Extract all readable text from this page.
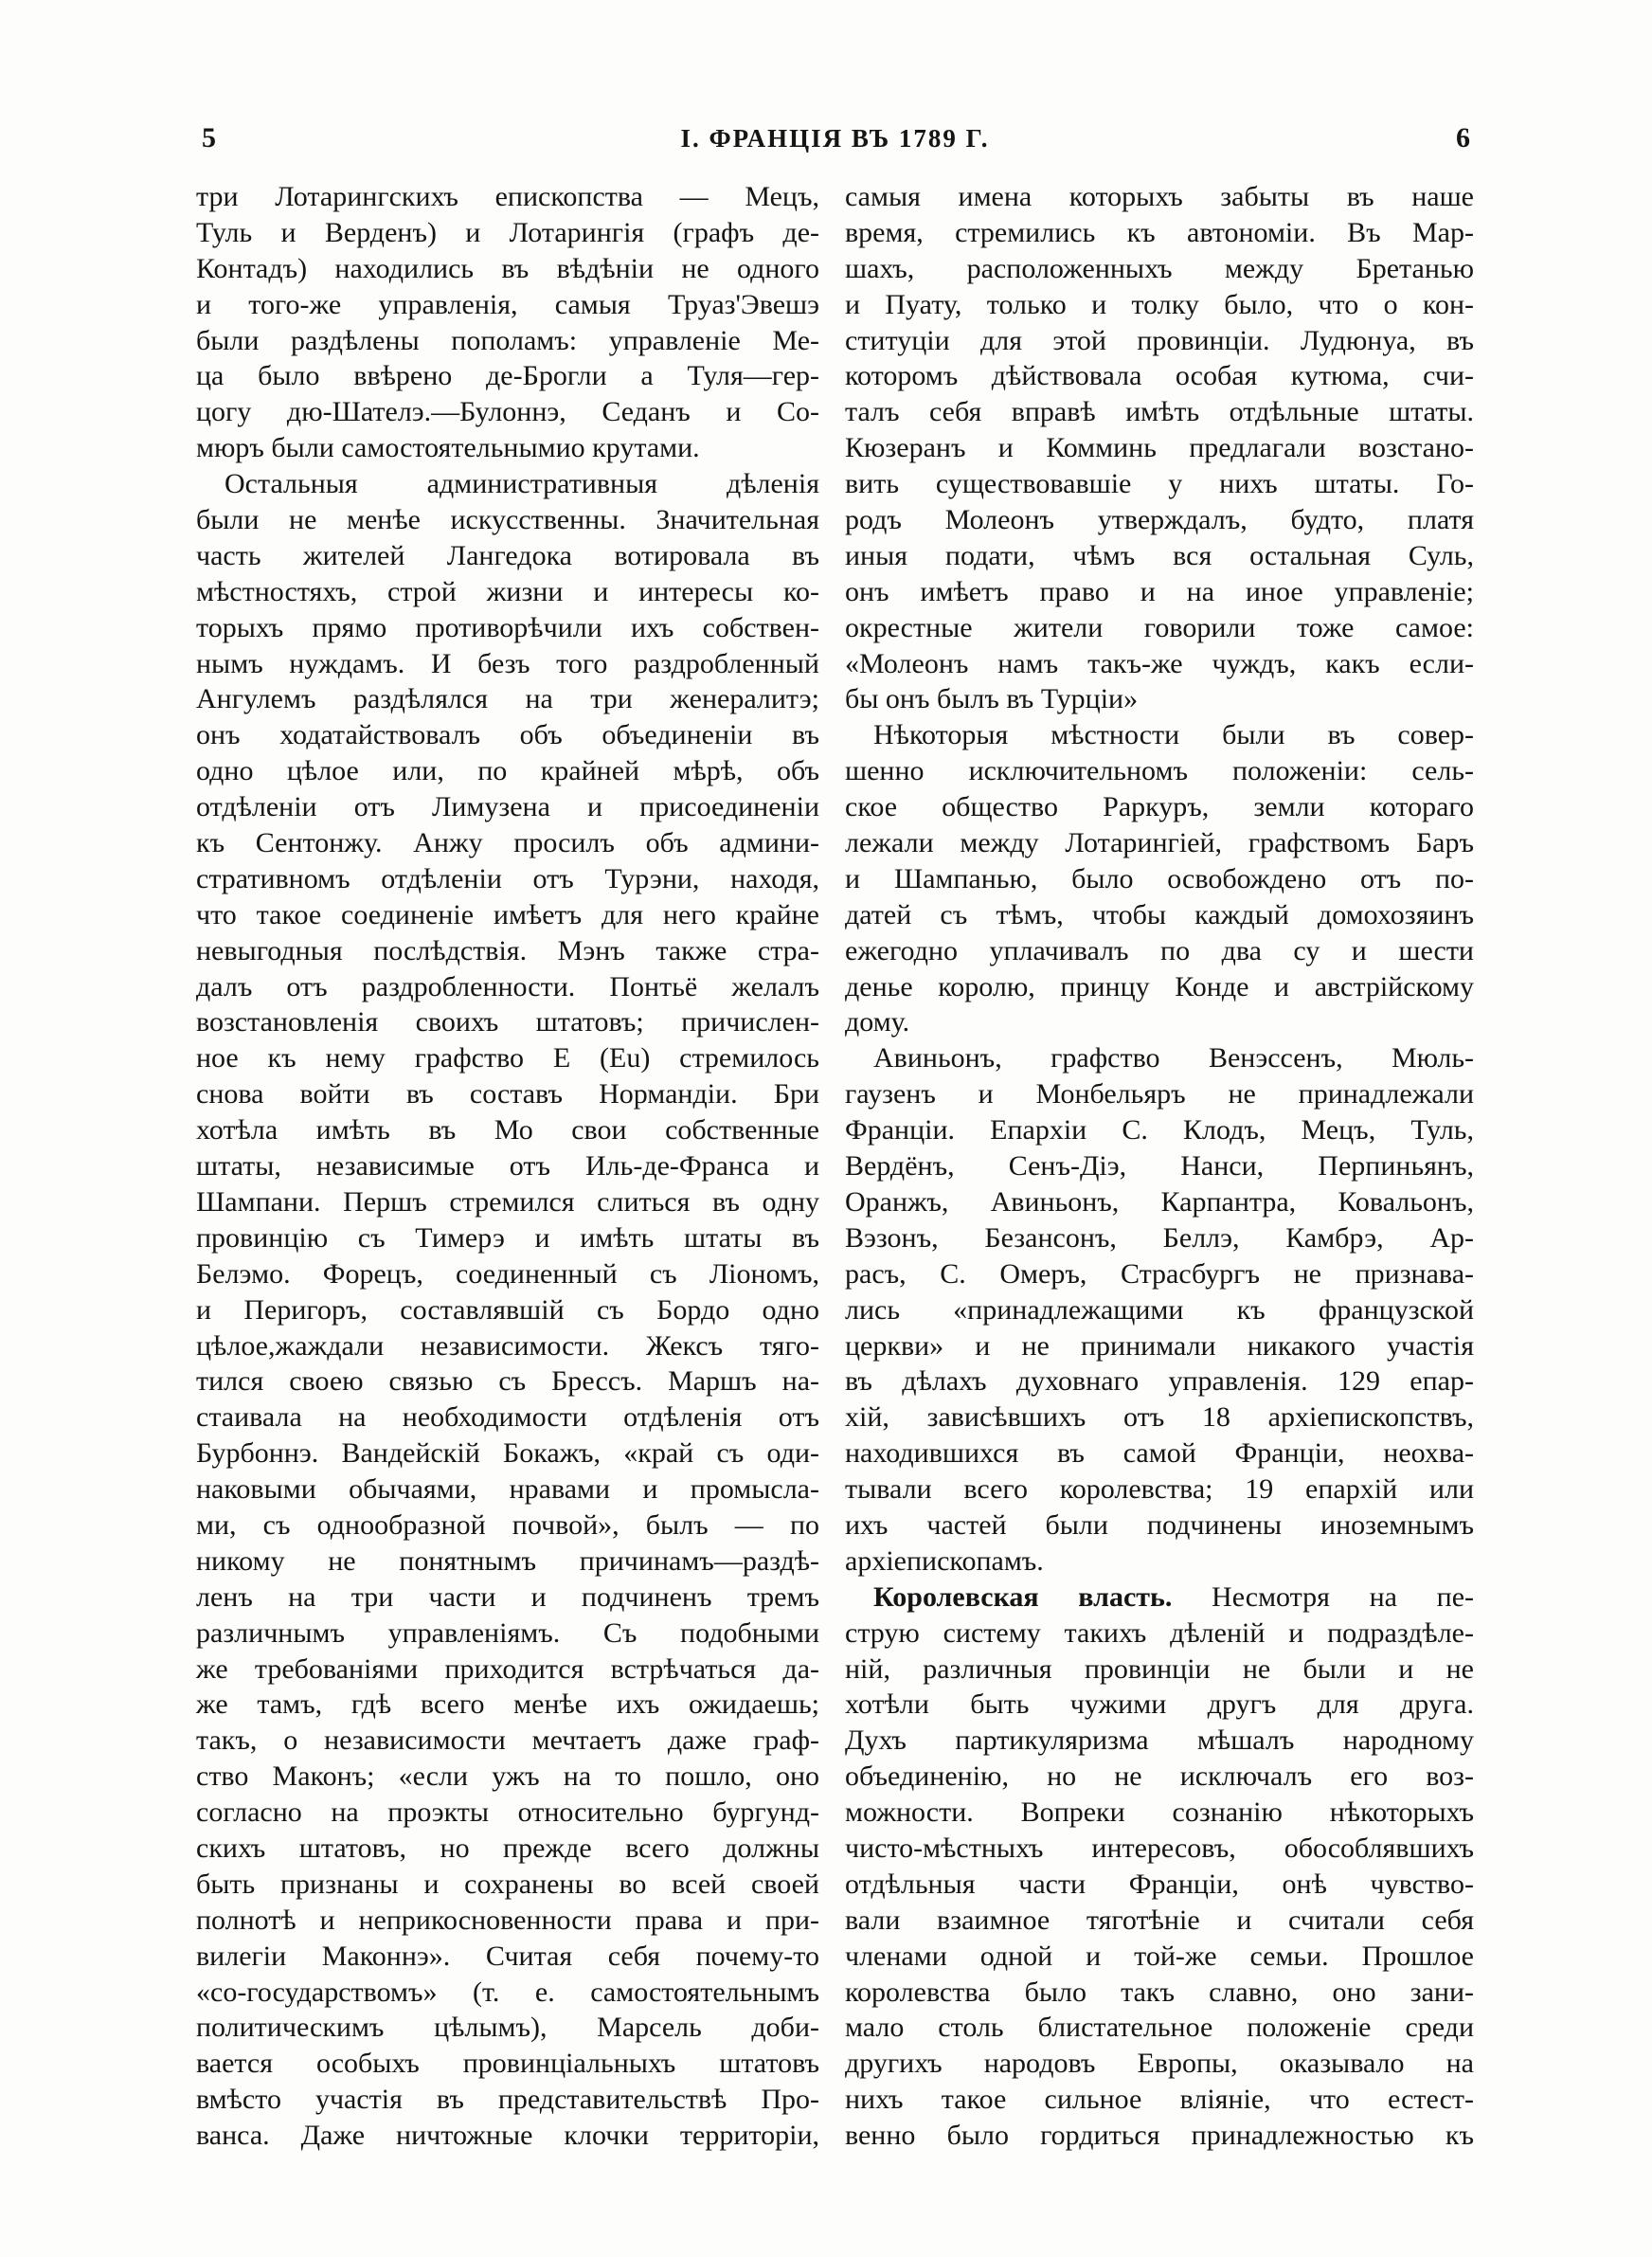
5	I. ФРАНЦІЯ ВЪ 1789 Г.	6
три Лотарингскихъ епископства — Мецъ,
Туль и Верденъ) и Лотарингія (графъ де-
Контадъ) находились въ вѣдѣніи не одного
и того-же управленія, самыя Труаз'Эвешэ
были раздѣлены пополамъ: управленіе Ме-
ца было ввѣрено де-Брогли а Туля—гер-
цогу дю-Шателэ.—Булоннэ, Седанъ и Со-
мюръ были самостоятельнымио крутами.
Остальныя административныя дѣленія
были не менѣе искусственны. Значительная
часть жителей Лангедока вотировала въ
мѣстностяхъ, строй жизни и интересы ко-
торыхъ прямо противорѣчили ихъ собствен-
нымъ нуждамъ. И безъ того раздробленный
Ангулемъ раздѣлялся на три женералитэ;
онъ ходатайствовалъ объ объединеніи въ
одно цѣлое или, по крайней мѣрѣ, объ
отдѣленіи отъ Лимузена и присоединеніи
къ Сентонжу. Анжу просилъ объ админи-
стративномъ отдѣленіи отъ Турэни, находя,
что такое соединеніе имѣетъ для него крайне
невыгодныя послѣдствія. Мэнъ также стра-
далъ отъ раздробленности. Понтьё желалъ
возстановленія своихъ штатовъ; причислен-
ное къ нему графство Е (Eu) стремилось
снова войти въ составъ Нормандіи. Бри
хотѣла имѣть въ Мо свои собственные
штаты, независимые отъ Иль-де-Франса и
Шампани. Першъ стремился слиться въ одну
провинцію съ Тимерэ и имѣть штаты въ
Белэмо. Форецъ, соединенный съ Ліономъ,
и Перигоръ, составлявшій съ Бордо одно
цѣлое,жаждали независимости. Жексъ тяго-
тился своею связью съ Брессъ. Маршъ на-
стаивала на необходимости отдѣленія отъ
Бурбоннэ. Вандейскій Бокажъ, «край съ оди-
наковыми обычаями, нравами и промысла-
ми, съ однообразной почвой», былъ — по
никому не понятнымъ причинамъ—раздѣ-
ленъ на три части и подчиненъ тремъ
различнымъ управленіямъ. Съ подобными
же требованіями приходится встрѣчаться да-
же тамъ, гдѣ всего менѣе ихъ ожидаешь;
такъ, о независимости мечтаетъ даже граф-
ство Маконъ; «если ужъ на то пошло, оно
согласно на проэкты относительно бургунд-
скихъ штатовъ, но прежде всего должны
быть признаны и сохранены во всей своей
полнотѣ и неприкосновенности права и при-
вилегіи Маконнэ». Считая себя почему-то
«со-государствомъ» (т. е. самостоятельнымъ
политическимъ цѣлымъ), Марсель доби-
вается особыхъ провинціальныхъ штатовъ
вмѣсто участія въ представительствѣ Про-
ванса. Даже ничтожные клочки территоріи,
самыя имена которыхъ забыты въ наше
время, стремились къ автономіи. Въ Мар-
шахъ, расположенныхъ между Бретанью
и Пуату, только и толку было, что о кон-
ституціи для этой провинціи. Лудюнуа, въ
которомъ дѣйствовала особая кутюма, счи-
талъ себя вправѣ имѣть отдѣльные штаты.
Кюзеранъ и Комминь предлагали возстано-
вить существовавшіе у нихъ штаты. Го-
родъ Молеонъ утверждалъ, будто, платя
иныя подати, чѣмъ вся остальная Суль,
онъ имѣетъ право и на иное управленіе;
окрестные жители говорили тоже самое:
«Молеонъ намъ такъ-же чуждъ, какъ если-
бы онъ былъ въ Турціи»
Нѣкоторыя мѣстности были въ совер-
шенно исключительномъ положеніи: сель-
ское общество Раркуръ, земли котораго
лежали между Лотарингіей, графствомъ Баръ
и Шампанью, было освобождено отъ по-
датей съ тѣмъ, чтобы каждый домохозяинъ
ежегодно уплачивалъ по два су и шести
денье королю, принцу Конде и австрійскому
дому.
Авиньонъ, графство Венэссенъ, Мюль-
гаузенъ и Монбельяръ не принадлежали
Франціи. Епархіи С. Клодъ, Мецъ, Туль,
Вердёнъ, Сенъ-Діэ, Нанси, Перпиньянъ,
Оранжъ, Авиньонъ, Карпантра, Ковальонъ,
Вэзонъ, Безансонъ, Беллэ, Камбрэ, Ар-
расъ, С. Омеръ, Страсбургъ не признава-
лись «принадлежащими къ французской
церкви» и не принимали никакого участія
въ дѣлахъ духовнаго управленія. 129 епар-
хій, зависѣвшихъ отъ 18 архіепископствъ,
находившихся въ самой Франціи, неохва-
тывали всего королевства; 19 епархій или
ихъ частей были подчинены иноземнымъ
архіепископамъ.
Королевская власть. Несмотря на пе-
струю систему такихъ дѣленій и подраздѣле-
ній, различныя провинціи не были и не
хотѣли быть чужими другъ для друга.
Духъ партикуляризма мѣшалъ народному
объединенію, но не исключалъ его воз-
можности. Вопреки сознанію нѣкоторыхъ
чисто-мѣстныхъ интересовъ, обособлявшихъ
отдѣльныя части Франціи, онѣ чувство-
вали взаимное тяготѣніе и считали себя
членами одной и той-же семьи. Прошлое
королевства было такъ славно, оно зани-
мало столь блистательное положеніе среди
другихъ народовъ Европы, оказывало на
нихъ такое сильное вліяніе, что естест-
венно было гордиться принадлежностью къ
